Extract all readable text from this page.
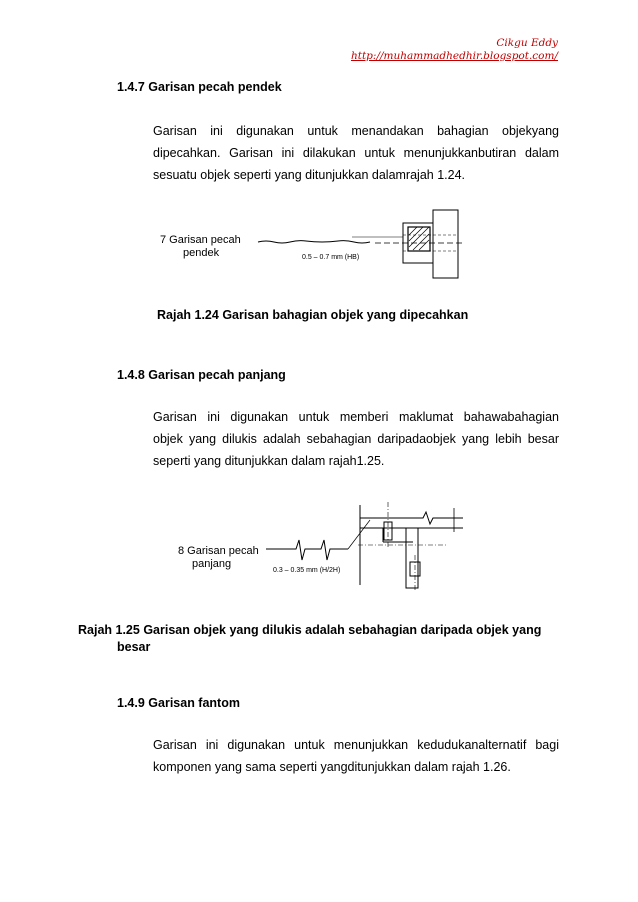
Cikgu Eddy
http://muhammadhedhir.blogspot.com/
1.4.7 Garisan pecah pendek
Garisan ini digunakan untuk menandakan bahagian objekyang
dipecahkan. Garisan ini dilakukan untuk menunjukkanbutiran dalam
sesuatu objek seperti yang ditunjukkan dalamrajah 1.24.
7 Garisan pecah
pendek	0.5 – 0.7 mm (HB)
Rajah 1.24 Garisan bahagian objek yang dipecahkan
1.4.8 Garisan pecah panjang
Garisan ini digunakan untuk memberi maklumat bahawabahagian
objek yang dilukis adalah sebahagian daripadaobjek yang lebih besar
seperti yang ditunjukkan dalam rajah1.25.
8 Garisan pecah
panjang
0.3 – 0.35 mm (H/2H)
Rajah 1.25 Garisan objek yang dilukis adalah sebahagian daripada objek yang
besar
1.4.9 Garisan fantom
Garisan ini digunakan untuk menunjukkan kedudukanalternatif bagi
komponen yang sama seperti yangditunjukkan dalam rajah 1.26.
